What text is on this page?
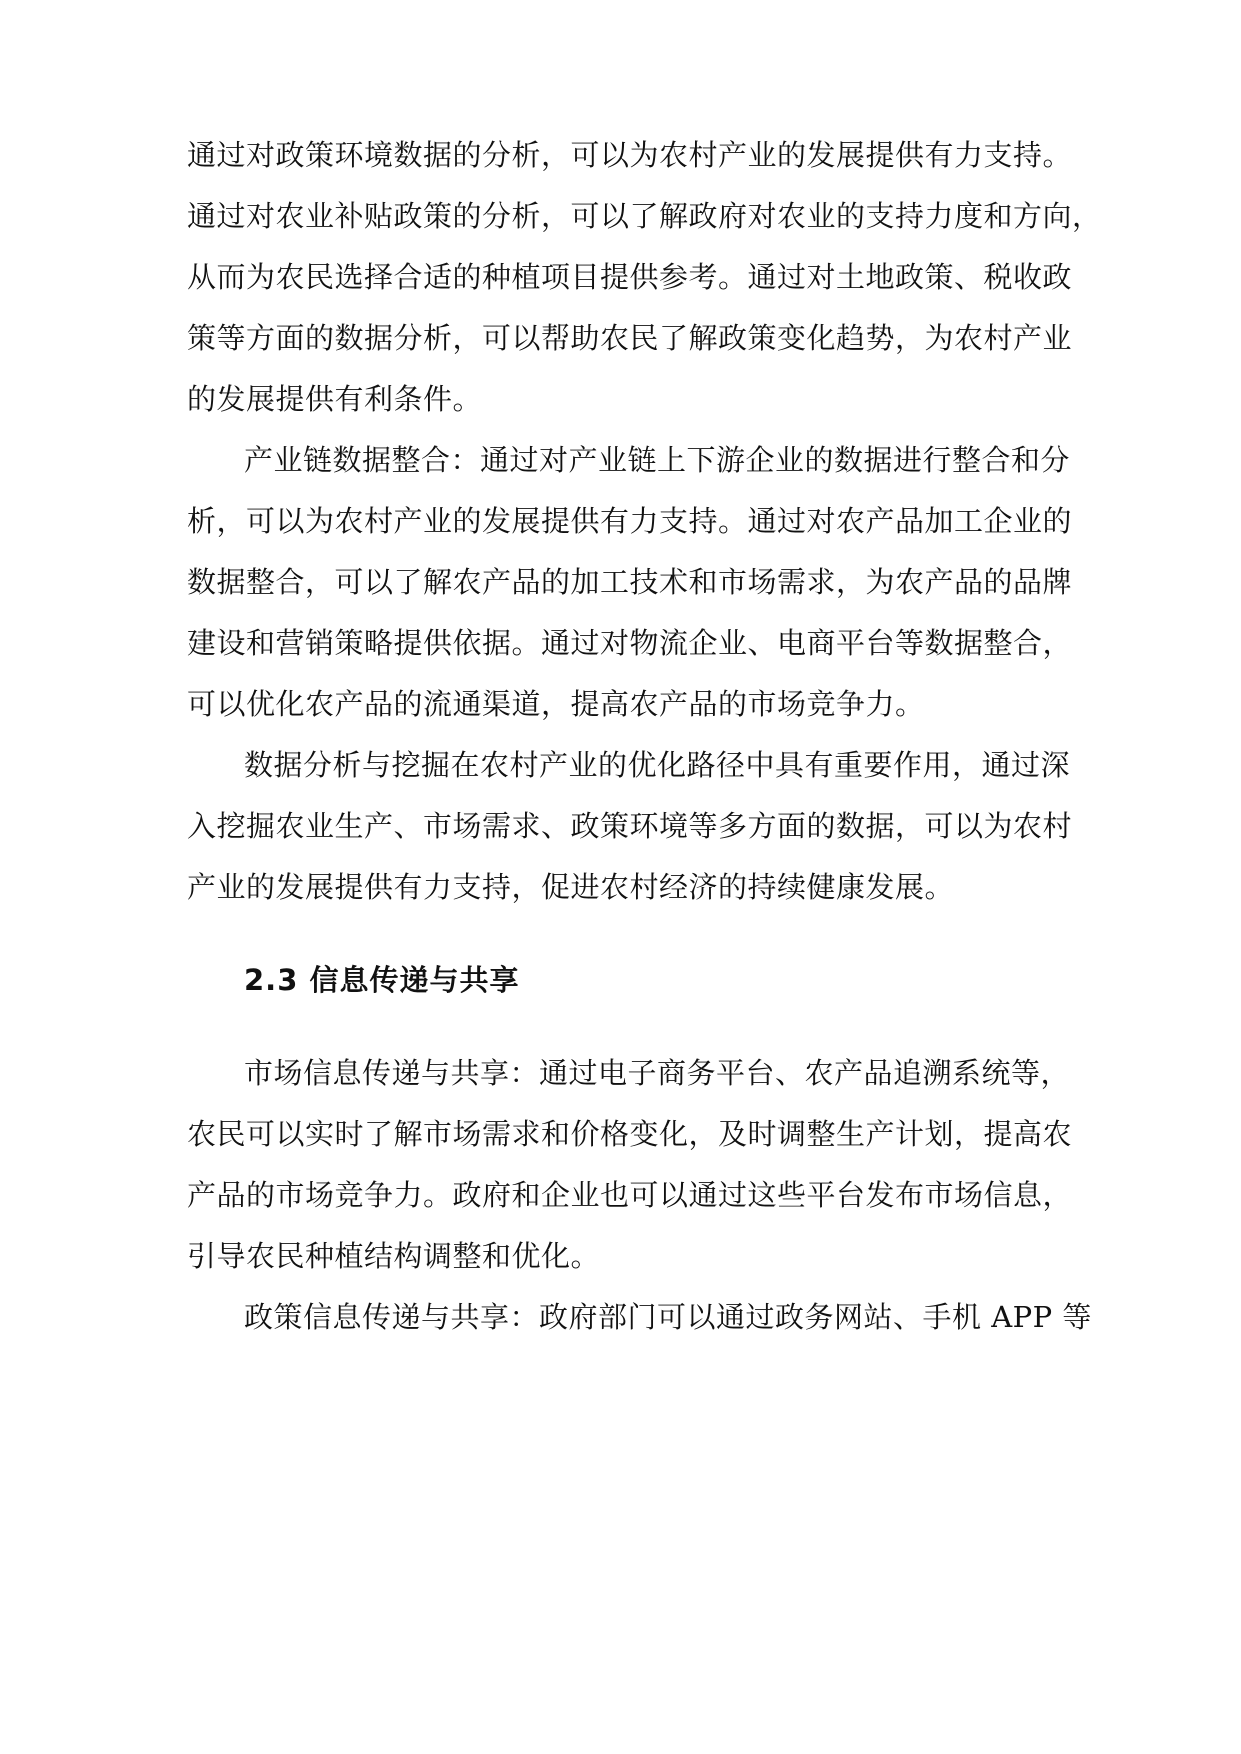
通过对政策环境数据的分析，可以为农村产业的发展提供有力支持。
通过对农业补贴政策的分析，可以了解政府对农业的支持力度和方向，
从而为农民选择合适的种植项目提供参考。通过对土地政策、税收政
策等方面的数据分析，可以帮助农民了解政策变化趋势，为农村产业
的发展提供有利条件。
产业链数据整合：通过对产业链上下游企业的数据进行整合和分
析，可以为农村产业的发展提供有力支持。通过对农产品加工企业的
数据整合，可以了解农产品的加工技术和市场需求，为农产品的品牌
建设和营销策略提供依据。通过对物流企业、电商平台等数据整合，
可以优化农产品的流通渠道，提高农产品的市场竞争力。
数据分析与挖掘在农村产业的优化路径中具有重要作用，通过深
入挖掘农业生产、市场需求、政策环境等多方面的数据，可以为农村
产业的发展提供有力支持，促进农村经济的持续健康发展。
2.3 信息传递与共享
市场信息传递与共享：通过电子商务平台、农产品追溯系统等，
农民可以实时了解市场需求和价格变化，及时调整生产计划，提高农
产品的市场竞争力。政府和企业也可以通过这些平台发布市场信息，
引导农民种植结构调整和优化。
政策信息传递与共享：政府部门可以通过政务网站、手机 APP 等
